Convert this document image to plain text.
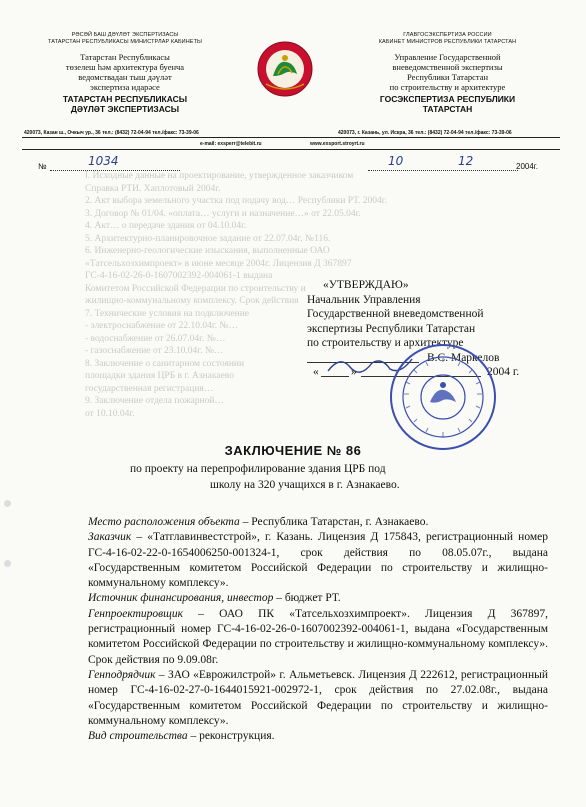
РӘСӘЙ БАШ ДӘҮЛӘТ ЭКСПЕРТИЗАСЫ
ТАТАРСТАН РЕСПУБЛИКАСЫ МИНИСТРЛАР КАБИНЕТЫ
Татарстан Республикасы
төзелеш һәм архитектура буенча
ведомствадан тыш дәүләт
экспертиза идарәсе
ТАТАРСТАН РЕСПУБЛИКАСЫ
ДӘҮЛӘТ ЭКСПЕРТИЗАСЫ
ГЛАВГОСЭКСПЕРТИЗА РОССИИ
КАБИНЕТ МИНИСТРОВ РЕСПУБЛИКИ ТАТАРСТАН
Управление Государственной
вневедомственной экспертизы
Республики Татарстан
по строительству и архитектуре
ГОСЭКСПЕРТИЗА РЕСПУБЛИКИ
ТАТАРСТАН
420073, Казан ш., Очкыч ур., 36 тел.: (8432) 72-04-94 тел./факс: 73-39-06	420073, г. Казань, ул. Искра, 36 тел.: (8432) 72-04-94 тел./факс: 73-39-06
e-mail: exsperr@telebit.ru	www.exsport.stroyrt.ru
№	1034	10	12	2004г.
Ⅰ. Исходные данные на проектирование, утвержденное заказчиком
Справка РТИ. Хаплотовый 2004г.
2. Акт выбора земельного участка под подачу вод… Республики РТ. 2004г.
3. Договор № 01/04. «оплата… услуги и назначение…» от 22.05.04г.
4. Акт… о передаче здания от 04.10.04г.
5. Архитектурно-планировочное задание от 22.07.04г. №116.
6. Инженерно-геологические изыскания, выполненные ОАО
«Татсельхозхимпроект» в июне месяце 2004г. Лицензия Д 367897
ГС-4-16-02-26-0-1607002392-004061-1 выдана
Комитетом Российской Федерации по строительству и
жилищно-коммунальному комплексу. Срок действия
7. Технические условия на подключение
- электроснабжение от 22.10.04г. №…
- водоснабжение от 26.07.04г. №…
- газоснабжение от 23.10.04г. №…
8. Заключение о санитарном состоянии
площадки здания ЦРБ в г. Азнакаево
государственная регистрация…
9. Заключение отдела пожарной…
от 10.10.04г.

«УТВЕРЖДАЮ»
Начальник Управления
Государственной вневедомственной
экспертизы Республики Татарстан
по строительству и архитектуре
В.С. Маркелов
«	»	2004 г.
ЗАКЛЮЧЕНИЕ № 86
по проекту на перепрофилирование здания ЦРБ под
школу на 320 учащихся в г. Азнакаево.

Место расположения объекта – Республика Татарстан, г. Азнакаево.

Заказчик – «Татглавинвестстрой», г. Казань. Лицензия Д 175843, регистрационный номер ГС-4-16-02-22-0-1654006250-001324-1, срок действия по 08.05.07г., выдана «Государственным комитетом Российской Федерации по строительству и жилищно-коммунальному комплексу».

Источник финансирования, инвестор – бюджет РТ.

Генпроектировщик – ОАО ПК «Татсельхозхимпроект». Лицензия Д 367897, регистрационный номер ГС-4-16-02-26-0-1607002392-004061-1, выдана «Государственным комитетом Российской Федерации по строительству и жилищно-коммунальному комплексу». Срок действия по 9.09.08г.

Генподрядчик – ЗАО «Еврожилстрой» г. Альметьевск. Лицензия Д 222612, регистрационный номер ГС-4-16-02-27-0-1644015921-002972-1, срок действия по 27.02.08г., выдана «Государственным комитетом Российской Федерации по строительству и жилищно-коммунальному комплексу».

Вид строительства – реконструкция.
